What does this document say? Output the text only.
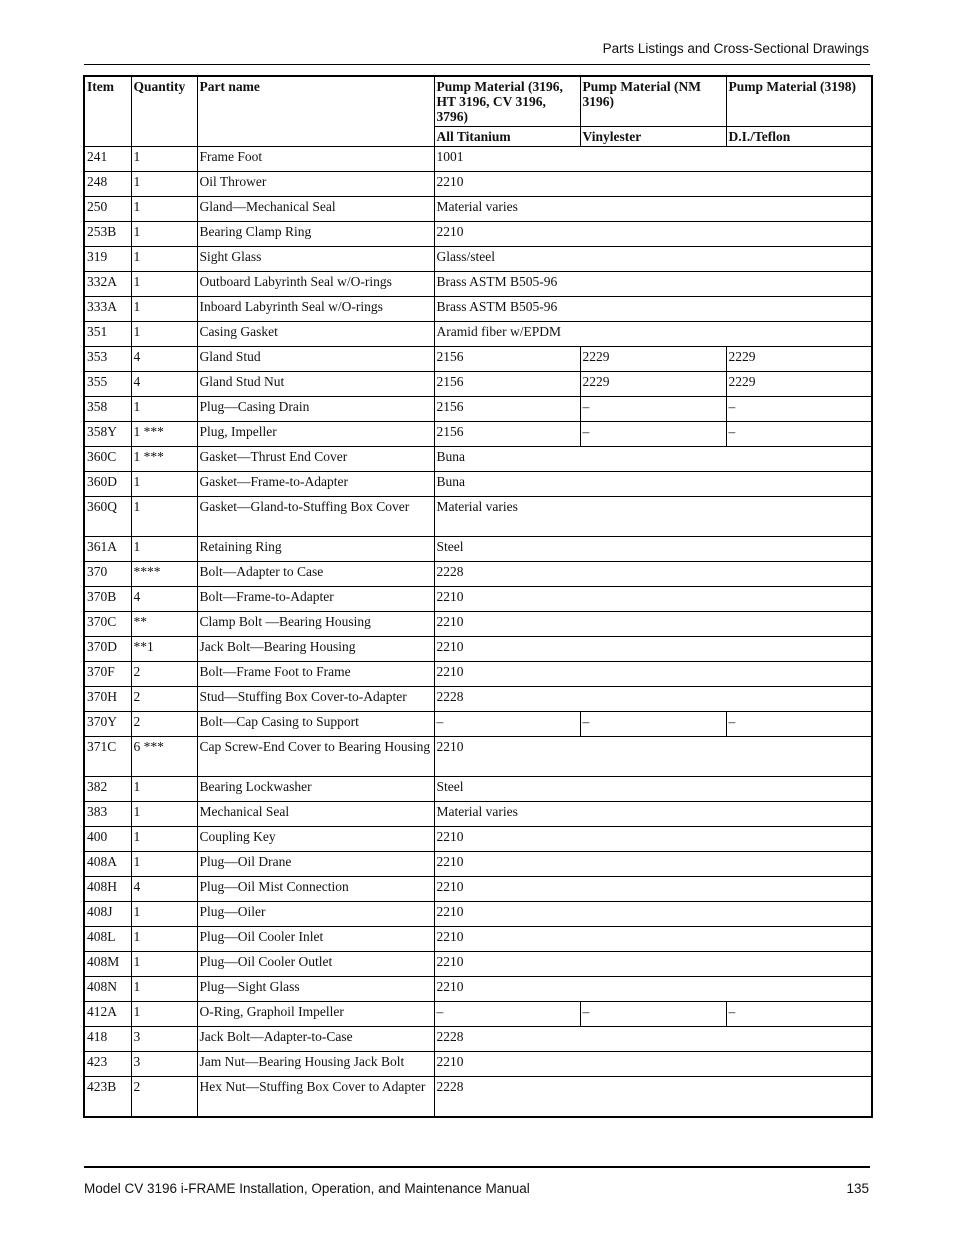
Parts Listings and Cross-Sectional Drawings
Item	Quantity	Part name	Pump Material (3196, HT 3196, CV 3196, 3796)	Pump Material (NM 3196)	Pump Material (3198)
			All Titanium	Vinylester	D.I./Teflon
241	1	Frame Foot	1001		
248	1	Oil Thrower	2210		
250	1	Gland—Mechanical Seal	Material varies		
253B	1	Bearing Clamp Ring	2210		
319	1	Sight Glass	Glass/steel		
332A	1	Outboard Labyrinth Seal w/O-rings	Brass ASTM B505-96		
333A	1	Inboard Labyrinth Seal w/O-rings	Brass ASTM B505-96		
351	1	Casing Gasket	Aramid fiber w/EPDM		
353	4	Gland Stud	2156	2229	2229
355	4	Gland Stud Nut	2156	2229	2229
358	1	Plug—Casing Drain	2156	–	–
358Y	1 ***	Plug, Impeller	2156	–	–
360C	1 ***	Gasket—Thrust End Cover	Buna		
360D	1	Gasket—Frame-to-Adapter	Buna		
360Q	1	Gasket—Gland-to-Stuffing Box Cover	Material varies		
361A	1	Retaining Ring	Steel		
370	****	Bolt—Adapter to Case	2228		
370B	4	Bolt—Frame-to-Adapter	2210		
370C	**	Clamp Bolt —Bearing Housing	2210		
370D	**1	Jack Bolt—Bearing Housing	2210		
370F	2	Bolt—Frame Foot to Frame	2210		
370H	2	Stud—Stuffing Box Cover-to-Adapter	2228		
370Y	2	Bolt—Cap Casing to Support	–	–	–
371C	6 ***	Cap Screw-End Cover to Bearing Housing	2210		
382	1	Bearing Lockwasher	Steel		
383	1	Mechanical Seal	Material varies		
400	1	Coupling Key	2210		
408A	1	Plug—Oil Drane	2210		
408H	4	Plug—Oil Mist Connection	2210		
408J	1	Plug—Oiler	2210		
408L	1	Plug—Oil Cooler Inlet	2210		
408M	1	Plug—Oil Cooler Outlet	2210		
408N	1	Plug—Sight Glass	2210		
412A	1	O-Ring, Graphoil Impeller	–	–	–
418	3	Jack Bolt—Adapter-to-Case	2228		
423	3	Jam Nut—Bearing Housing Jack Bolt	2210		
423B	2	Hex Nut—Stuffing Box Cover to Adapter	2228		
Model CV 3196 i-FRAME Installation, Operation, and Maintenance Manual	135
